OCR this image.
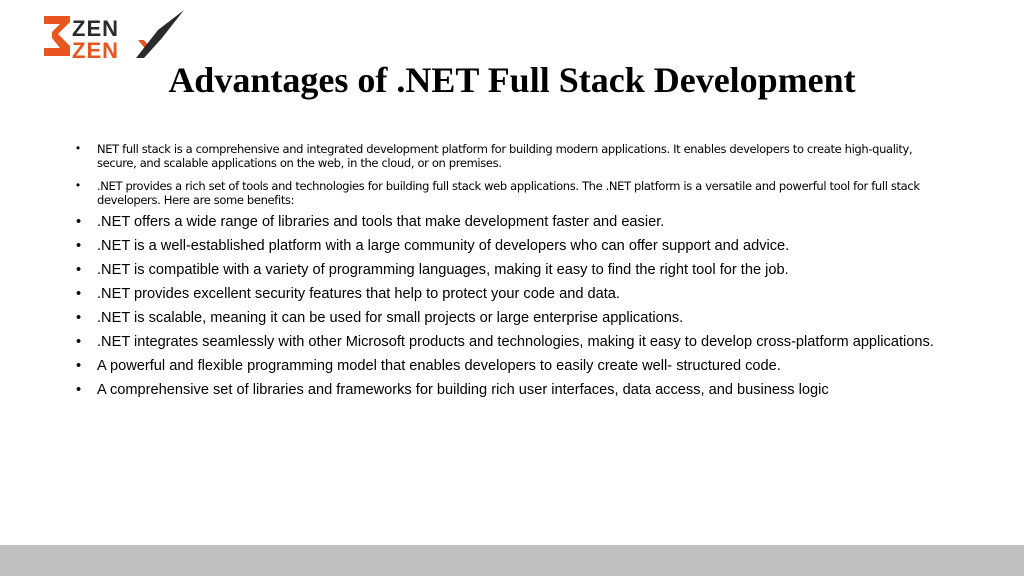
ZEN
ZEN
Advantages of .NET Full Stack Development
• NET full stack is a comprehensive and integrated development platform for building modern applications. It enables developers to create high-quality, secure, and scalable applications on the web, in the cloud, or on premises.
• .NET provides a rich set of tools and technologies for building full stack web applications. The .NET platform is a versatile and powerful tool for full stack developers. Here are some benefits:
• .NET offers a wide range of libraries and tools that make development faster and easier.
• .NET is a well-established platform with a large community of developers who can offer support and advice.
• .NET is compatible with a variety of programming languages, making it easy to find the right tool for the job.
• .NET provides excellent security features that help to protect your code and data.
• .NET is scalable, meaning it can be used for small projects or large enterprise applications.
• .NET integrates seamlessly with other Microsoft products and technologies, making it easy to develop cross-platform applications.
• A powerful and flexible programming model that enables developers to easily create well- structured code.
• A comprehensive set of libraries and frameworks for building rich user interfaces, data access, and business logic
